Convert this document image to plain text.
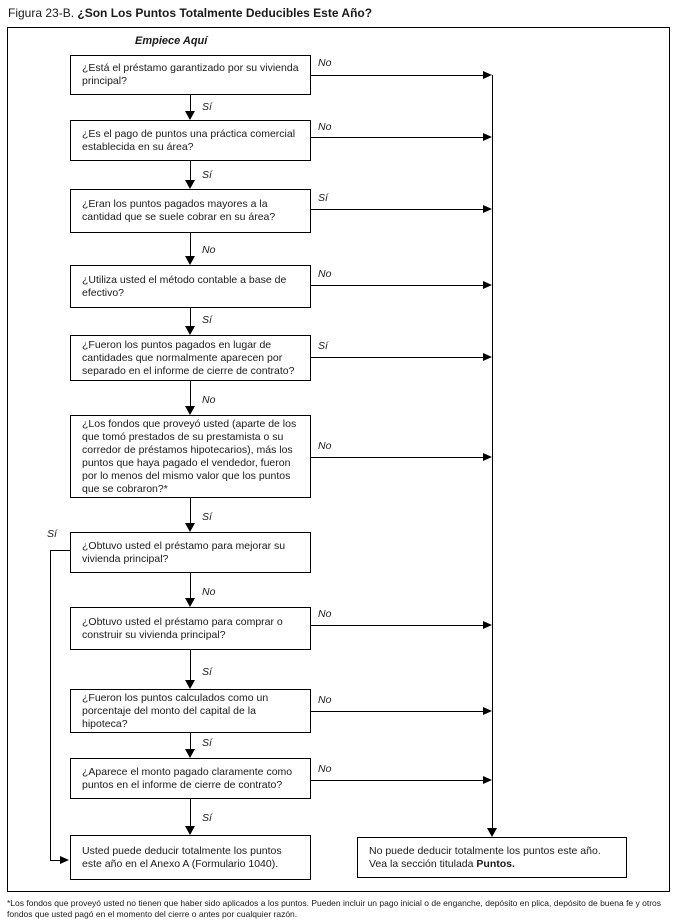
Figura 23-B. ¿Son Los Puntos Totalmente Deducibles Este Año?
Empiece Aquí
¿Está el préstamo garantizado por su vivienda principal?
¿Es el pago de puntos una práctica comercial establecida en su área?
¿Eran los puntos pagados mayores a la cantidad que se suele cobrar en su área?
¿Utiliza usted el método contable a base de efectivo?
¿Fueron los puntos pagados en lugar de cantidades que normalmente aparecen por separado en el informe de cierre de contrato?
¿Los fondos que proveyó usted (aparte de los que tomó prestados de su prestamista o su corredor de préstamos hipotecarios), más los puntos que haya pagado el vendedor, fueron por lo menos del mismo valor que los puntos que se cobraron?*
¿Obtuvo usted el préstamo para mejorar su vivienda principal?
¿Obtuvo usted el préstamo para comprar o construir su vivienda principal?
¿Fueron los puntos calculados como un porcentaje del monto del capital de la hipoteca?
¿Aparece el monto pagado claramente como puntos en el informe de cierre de contrato?
Usted puede deducir totalmente los puntos este año en el Anexo A (Formulario 1040).
No puede deducir totalmente los puntos este año.
Vea la sección titulada Puntos.
No
No
Sí
No
Sí
No
No
No
No
Sí
Sí
Sí
No
Sí
No
Sí
No
Sí
Sí
Sí
*Los fondos que proveyó usted no tienen que haber sido aplicados a los puntos. Pueden incluir un pago inicial o de enganche, depósito en plica, depósito de buena fe y otros fondos que usted pagó en el momento del cierre o antes por cualquier razón.
